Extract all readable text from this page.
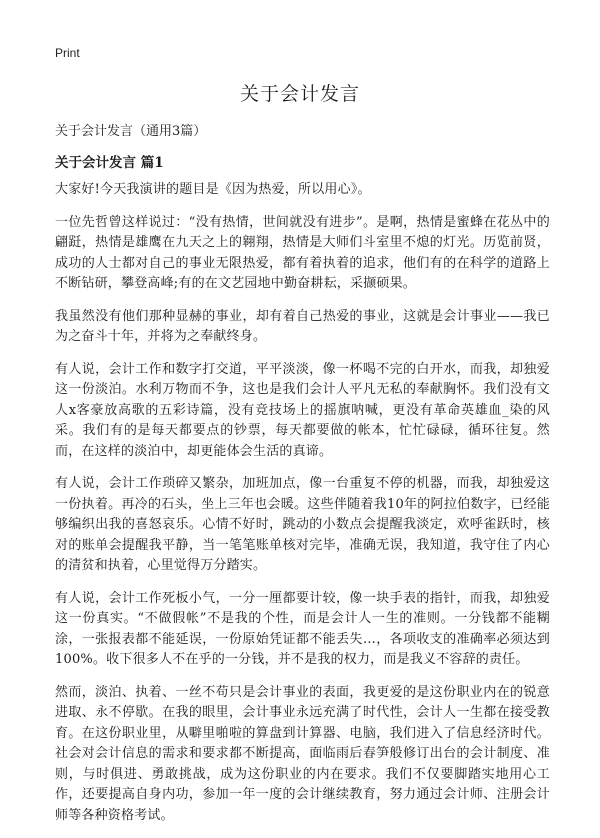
Print
关于会计发言
关于会计发言（通用3篇）
关于会计发言 篇1

大家好!今天我演讲的题目是《因为热爱，所以用心》。

一位先哲曾这样说过：“没有热情，世间就没有进步”。是啊，热情是蜜蜂在花丛中的翩跹，热情是雄鹰在九天之上的翱翔，热情是大师们斗室里不熄的灯光。历览前贤，成功的人士都对自己的事业无限热爱，都有着执着的追求，他们有的在科学的道路上不断钻研，攀登高峰;有的在文艺园地中勤奋耕耘，采撷硕果。

我虽然没有他们那种显赫的事业，却有着自己热爱的事业，这就是会计事业——我已为之奋斗十年，并将为之奉献终身。

有人说，会计工作和数字打交道，平平淡淡，像一杯喝不完的白开水，而我，却独爱这一份淡泊。水利万物而不争，这也是我们会计人平凡无私的奉献胸怀。我们没有文人x客豪放高歌的五彩诗篇，没有竞技场上的摇旗呐喊，更没有革命英雄血_染的风采。我们有的是每天都要点的钞票，每天都要做的帐本，忙忙碌碌，循环往复。然而，在这样的淡泊中，却更能体会生活的真谛。

有人说，会计工作琐碎又繁杂，加班加点，像一台重复不停的机器，而我，却独爱这一份执着。再冷的石头，坐上三年也会暖。这些伴随着我10年的阿拉伯数字，已经能够编织出我的喜怒哀乐。心情不好时，跳动的小数点会提醒我淡定，欢呼雀跃时，核对的账单会提醒我平静，当一笔笔账单核对完毕，准确无误，我知道，我守住了内心的清贫和执着，心里觉得万分踏实。

有人说，会计工作死板小气，一分一厘都要计较，像一块手表的指针，而我，却独爱这一份真实。“不做假帐”不是我的个性，而是会计人一生的准则。一分钱都不能糊涂，一张报表都不能延误，一份原始凭证都不能丢失…，各项收支的准确率必须达到100%。收下很多人不在乎的一分钱，并不是我的权力，而是我义不容辞的责任。

然而，淡泊、执着、一丝不苟只是会计事业的表面，我更爱的是这份职业内在的锐意进取、永不停歇。在我的眼里，会计事业永远充满了时代性，会计人一生都在接受教育。在这份职业里，从噼里啪啦的算盘到计算器、电脑，我们进入了信息经济时代。社会对会计信息的需求和要求都不断提高，面临雨后春笋般修订出台的会计制度、准则，与时俱进、勇敢挑战，成为这份职业的内在要求。我们不仅要脚踏实地用心工作，还要提高自身内功，参加一年一度的会计继续教育，努力通过会计师、注册会计师等各种资格考试。
